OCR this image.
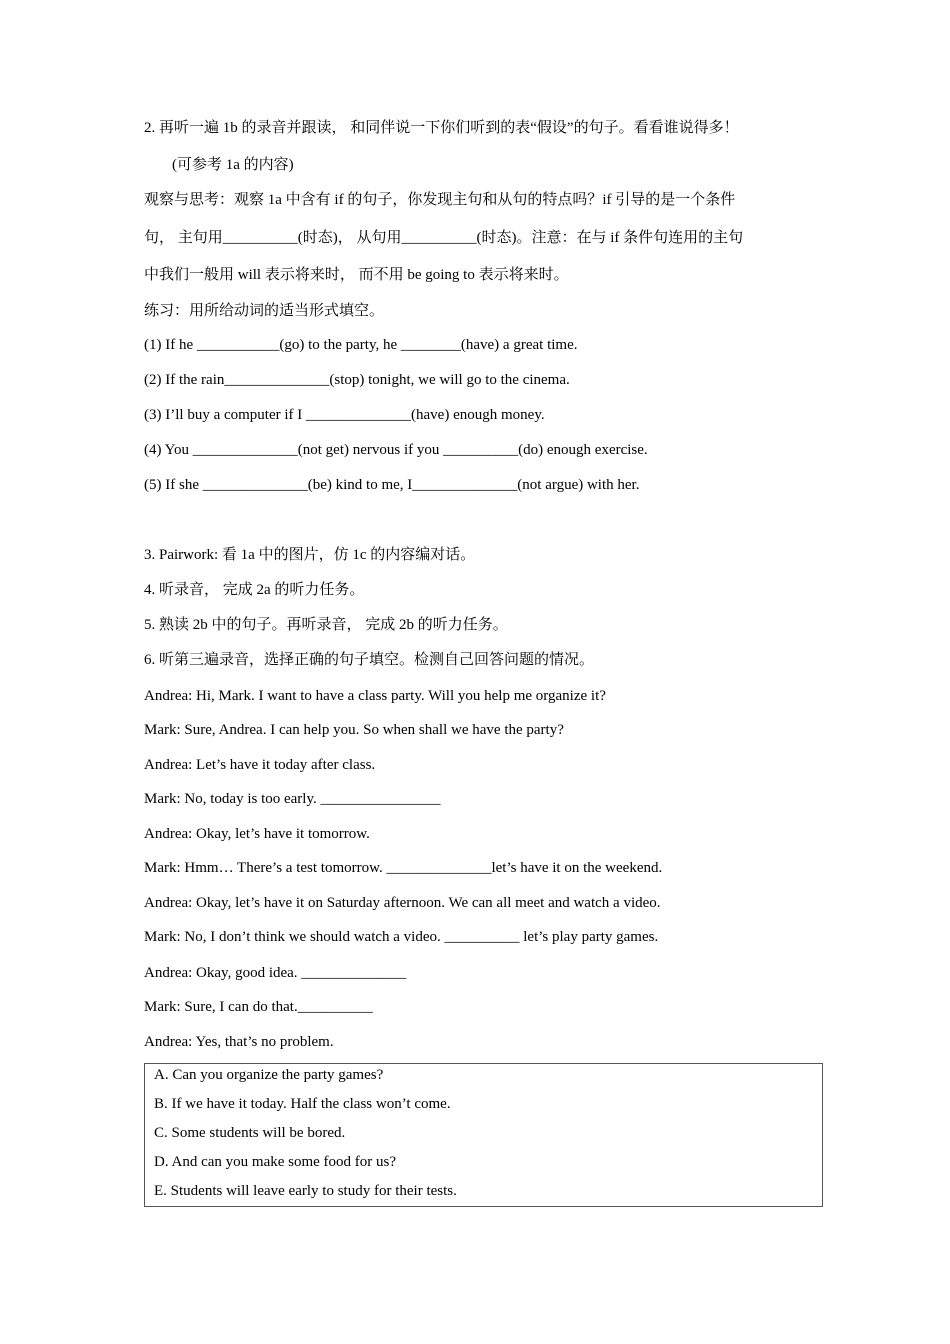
2. 再听一遍 1b 的录音并跟读， 和同伴说一下你们听到的表“假设”的句子。看看谁说得多！
(可参考 1a 的内容)
观察与思考：观察 1a 中含有 if 的句子，你发现主句和从句的特点吗？if 引导的是一个条件
句， 主句用__________(时态)， 从句用__________(时态)。注意：在与 if 条件句连用的主句
中我们一般用 will 表示将来时， 而不用 be going to 表示将来时。
练习：用所给动词的适当形式填空。
(1) If he ___________(go) to the party, he ________(have) a great time.
(2) If the rain______________(stop) tonight, we will go to the cinema.
(3) I’ll buy a computer if I ______________(have) enough money.
(4) You ______________(not get) nervous if you __________(do) enough exercise.
(5) If she ______________(be) kind to me, I______________(not argue) with her.
3. Pairwork: 看 1a 中的图片，仿 1c 的内容编对话。
4. 听录音， 完成 2a 的听力任务。
5. 熟读 2b 中的句子。再听录音， 完成 2b 的听力任务。
6. 听第三遍录音，选择正确的句子填空。检测自己回答问题的情况。
Andrea: Hi, Mark. I want to have a class party. Will you help me organize it?
Mark: Sure, Andrea. I can help you. So when shall we have the party?
Andrea: Let’s have it today after class.
Mark: No, today is too early. ________________
Andrea: Okay, let’s have it tomorrow.
Mark: Hmm… There’s a test tomorrow. ______________let’s have it on the weekend.
Andrea: Okay, let’s have it on Saturday afternoon. We can all meet and watch a video.
Mark: No, I don’t think we should watch a video. __________ let’s play party games.
Andrea: Okay, good idea. ______________
Mark: Sure, I can do that.__________
Andrea: Yes, that’s no problem.
A. Can you organize the party games?
B. If we have it today. Half the class won’t come.
C. Some students will be bored.
D. And can you make some food for us?
E. Students will leave early to study for their tests.
